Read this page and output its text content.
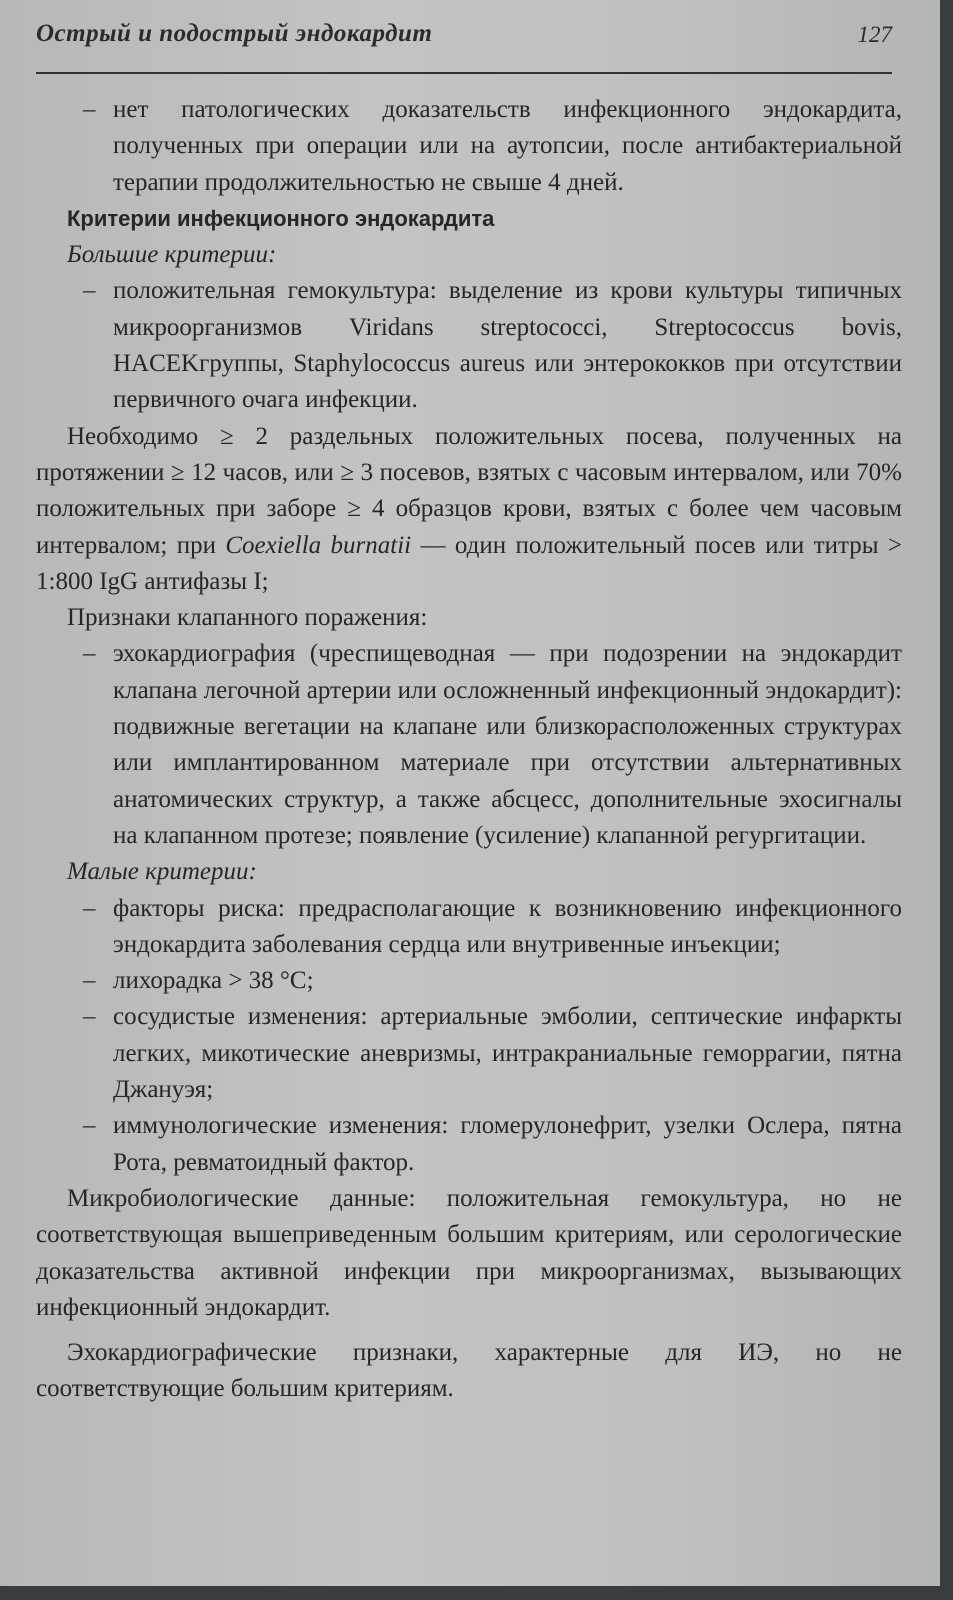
Острый и подострый эндокардит	127

– нет патологических доказательств инфекционного эндокардита, полученных при операции или на аутопсии, после антибактериальной терапии продолжительностью не свыше 4 дней.

Критерии инфекционного эндокардита

Большие критерии:

– положительная гемокультура: выделение из крови культуры типичных микроорганизмов Viridans streptococci, Streptococcus bovis, HACEKгруппы, Staphylococcus aureus или энтерококков при отсутствии первичного очага инфекции.

Необходимо ≥ 2 раздельных положительных посева, полученных на протяжении ≥ 12 часов, или ≥ 3 посевов, взятых с часовым интервалом, или 70% положительных при заборе ≥ 4 образцов крови, взятых с более чем часовым интервалом; при Coexiella burnatii — один положительный посев или титры > 1:800 IgG антифазы I;

Признаки клапанного поражения:

– эхокардиография (чреспищеводная — при подозрении на эндокардит клапана легочной артерии или осложненный инфекционный эндокардит): подвижные вегетации на клапане или близкорасположенных структурах или имплантированном материале при отсутствии альтернативных анатомических структур, а также абсцесс, дополнительные эхосигналы на клапанном протезе; появление (усиление) клапанной регургитации.

Малые критерии:

– факторы риска: предрасполагающие к возникновению инфекционного эндокардита заболевания сердца или внутривенные инъекции;

– лихорадка > 38 °С;

– сосудистые изменения: артериальные эмболии, септические инфаркты легких, микотические аневризмы, интракраниальные геморрагии, пятна Джануэя;

– иммунологические изменения: гломерулонефрит, узелки Ослера, пятна Рота, ревматоидный фактор.

Микробиологические данные: положительная гемокультура, но не соответствующая вышеприведенным большим критериям, или серологические доказательства активной инфекции при микроорганизмах, вызывающих инфекционный эндокардит.

Эхокардиографические признаки, характерные для ИЭ, но не соответствующие большим критериям.
